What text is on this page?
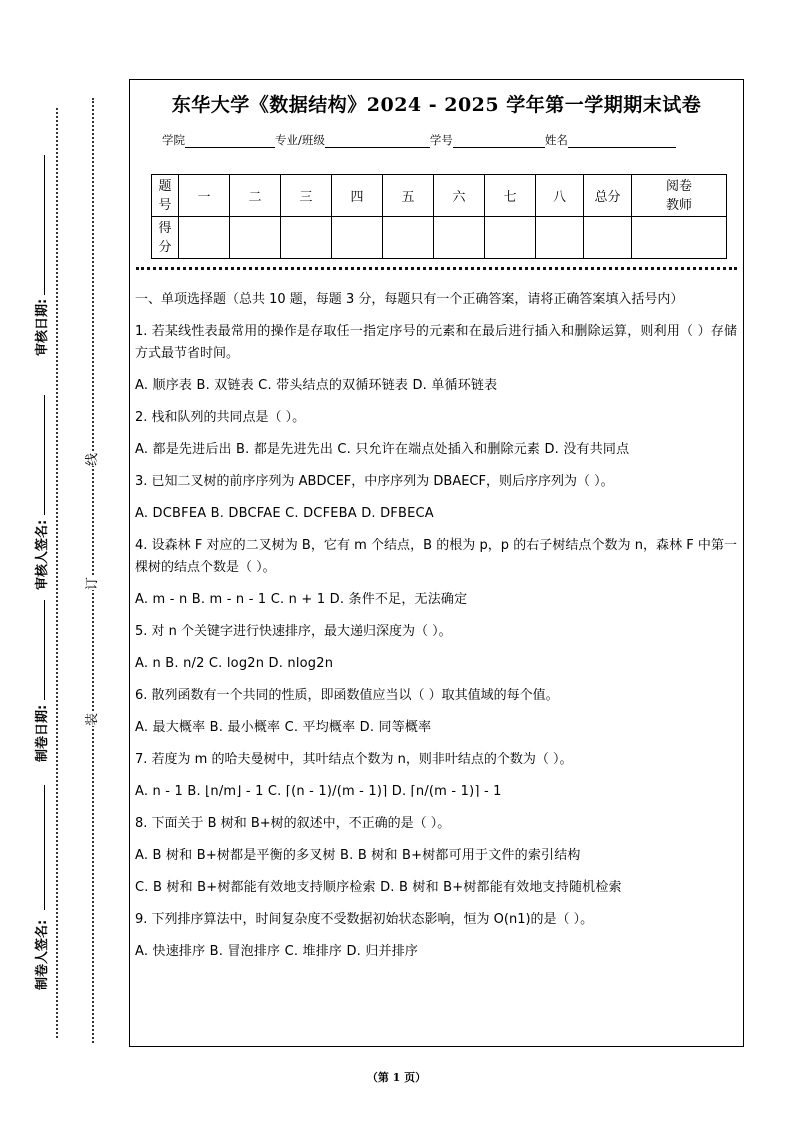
审核日期:
审核人签名:
制卷日期:
制卷人签名:
线
订
装
东华大学《数据结构》2024 - 2025 学年第一学期期末试卷
学院	专业/班级	学号	姓名
题
号	一	二	三	四	五	六	七	八	总分	阅卷
教师
得
分										

一、单项选择题（总共 10 题，每题 3 分，每题只有一个正确答案，请将正确答案填入括号内）

1. 若某线性表最常用的操作是存取任一指定序号的元素和在最后进行插入和删除运算，则利用（ ）存储方式最节省时间。

A. 顺序表 B. 双链表 C. 带头结点的双循环链表 D. 单循环链表

2. 栈和队列的共同点是（ ）。

A. 都是先进后出 B. 都是先进先出 C. 只允许在端点处插入和删除元素 D. 没有共同点

3. 已知二叉树的前序序列为 ABDCEF，中序序列为 DBAECF，则后序序列为（ ）。

A. DCBFEA B. DBCFAE C. DCFEBA D. DFBECA

4. 设森林 F 对应的二叉树为 B，它有 m 个结点，B 的根为 p，p 的右子树结点个数为 n，森林 F 中第一棵树的结点个数是（ ）。

A. m - n B. m - n - 1 C. n + 1 D. 条件不足，无法确定

5. 对 n 个关键字进行快速排序，最大递归深度为（ ）。

A. n B. n/2 C. log2n D. nlog2n

6. 散列函数有一个共同的性质，即函数值应当以（ ）取其值域的每个值。

A. 最大概率 B. 最小概率 C. 平均概率 D. 同等概率

7. 若度为 m 的哈夫曼树中，其叶结点个数为 n，则非叶结点的个数为（ ）。

A. n - 1 B. ⌊n/m⌋ - 1 C. ⌈(n - 1)/(m - 1)⌉ D. ⌈n/(m - 1)⌉ - 1

8. 下面关于 B 树和 B+树的叙述中，不正确的是（ ）。

A. B 树和 B+树都是平衡的多叉树 B. B 树和 B+树都可用于文件的索引结构

C. B 树和 B+树都能有效地支持顺序检索 D. B 树和 B+树都能有效地支持随机检索

9. 下列排序算法中，时间复杂度不受数据初始状态影响，恒为 O(n1)的是（ ）。

A. 快速排序 B. 冒泡排序 C. 堆排序 D. 归并排序

（第 1 页）
